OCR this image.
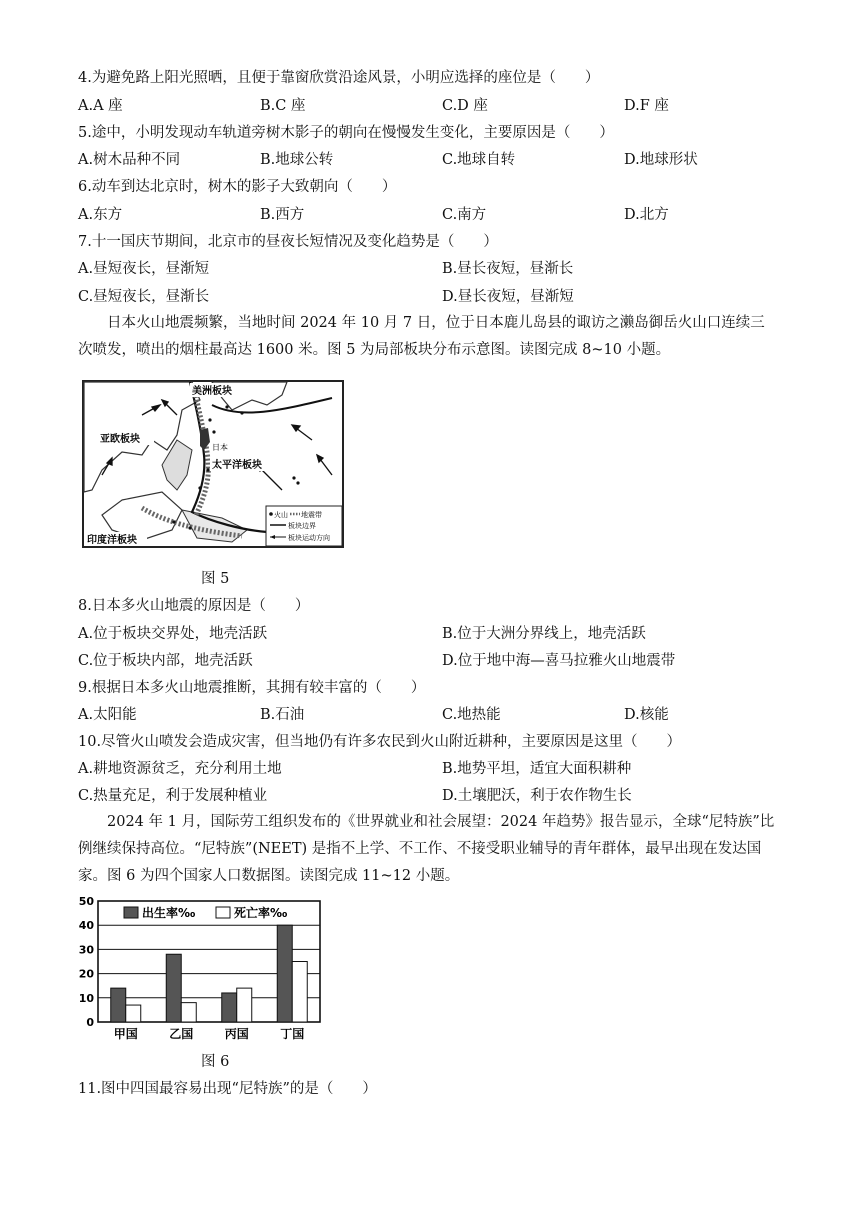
4.为避免路上阳光照晒，且便于靠窗欣赏沿途风景，小明应选择的座位是（　　）
A.A 座	B.C 座	C.D 座	D.F 座
5.途中，小明发现动车轨道旁树木影子的朝向在慢慢发生变化，主要原因是（　　）
A.树木品种不同	B.地球公转	C.地球自转	D.地球形状
6.动车到达北京时，树木的影子大致朝向（　　）
A.东方	B.西方	C.南方	D.北方
7.十一国庆节期间，北京市的昼夜长短情况及变化趋势是（　　）
A.昼短夜长，昼渐短	B.昼长夜短，昼渐长
C.昼短夜长，昼渐长	D.昼长夜短，昼渐短
日本火山地震频繁，当地时间 2024 年 10 月 7 日，位于日本鹿儿岛县的诹访之濑岛御岳火山口连续三次喷发，喷出的烟柱最高达 1600 米。图 5 为局部板块分布示意图。读图完成 8~10 小题。
美洲板块
亚欧板块
日本
太平洋板块
印度洋板块
火山 地震带
板块边界
板块运动方向
图 5
8.日本多火山地震的原因是（　　）
A.位于板块交界处，地壳活跃	B.位于大洲分界线上，地壳活跃
C.位于板块内部，地壳活跃	D.位于地中海—喜马拉雅火山地震带
9.根据日本多火山地震推断，其拥有较丰富的（　　）
A.太阳能	B.石油	C.地热能	D.核能
10.尽管火山喷发会造成灾害，但当地仍有许多农民到火山附近耕种，主要原因是这里（　　）
A.耕地资源贫乏，充分利用土地	B.地势平坦，适宜大面积耕种
C.热量充足，利于发展种植业	D.土壤肥沃，利于农作物生长
2024 年 1 月，国际劳工组织发布的《世界就业和社会展望：2024 年趋势》报告显示，全球“尼特族”比例继续保持高位。“尼特族”(NEET) 是指不上学、不工作、不接受职业辅导的青年群体，最早出现在发达国家。图 6 为四个国家人口数据图。读图完成 11~12 小题。
0
10
20
30
40
50
甲国	乙国	丙国	丁国
出生率‰	死亡率‰
图 6
11.图中四国最容易出现“尼特族”的是（　　）
